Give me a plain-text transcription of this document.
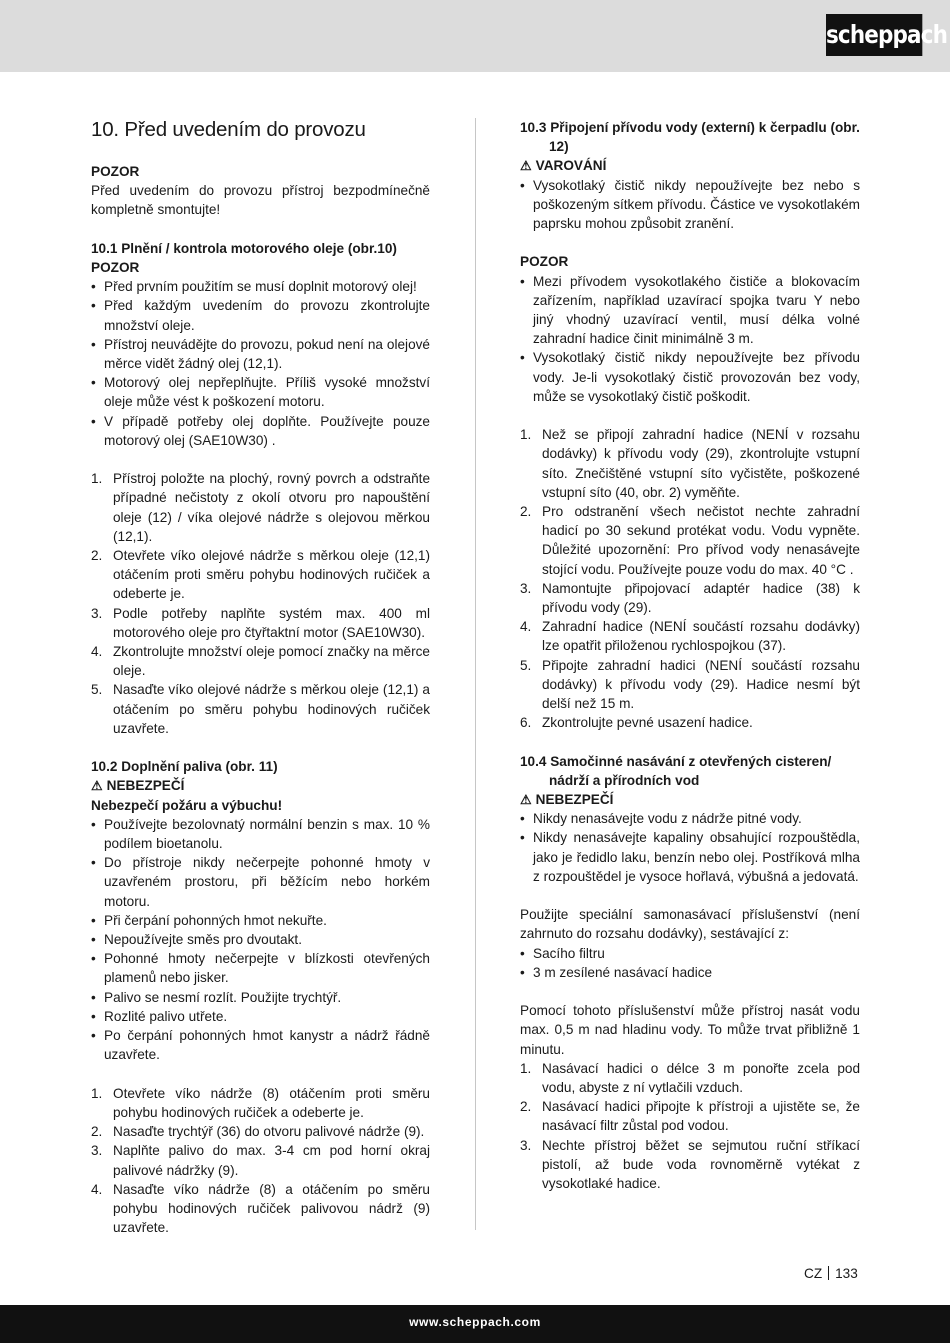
scheppach
10. Před uvedením do provozu
POZOR

Před uvedením do provozu přístroj bezpodmínečně kompletně smontujte!

10.1 Plnění / kontrola motorového oleje (obr.10)
POZOR
• Před prvním použitím se musí doplnit motorový olej!
• Před každým uvedením do provozu zkontrolujte množství oleje.
• Přístroj neuvádějte do provozu, pokud není na olejové měrce vidět žádný olej (12,1).
• Motorový olej nepřeplňujte. Příliš vysoké množství oleje může vést k poškození motoru.
• V případě potřeby olej doplňte. Používejte pouze motorový olej (SAE10W30) .
1. Přístroj položte na plochý, rovný povrch a odstraňte případné nečistoty z okolí otvoru pro napouštění oleje (12) / víka olejové nádrže s olejovou měrkou (12,1).
2. Otevřete víko olejové nádrže s měrkou oleje (12,1) otáčením proti směru pohybu hodinových ručiček a odeberte je.
3. Podle potřeby naplňte systém max. 400 ml motorového oleje pro čtyřtaktní motor (SAE10W30).
4. Zkontrolujte množství oleje pomocí značky na měrce oleje.
5. Nasaďte víko olejové nádrže s měrkou oleje (12,1) a otáčením po směru pohybu hodinových ručiček uzavřete.
10.2 Doplnění paliva (obr. 11)
⚠ NEBEZPEČÍ
Nebezpečí požáru a výbuchu!
• Používejte bezolovnatý normální benzin s max. 10 % podílem bioetanolu.
• Do přístroje nikdy nečerpejte pohonné hmoty v uzavřeném prostoru, při běžícím nebo horkém motoru.
• Při čerpání pohonných hmot nekuřte.
• Nepoužívejte směs pro dvoutakt.
• Pohonné hmoty nečerpejte v blízkosti otevřených plamenů nebo jisker.
• Palivo se nesmí rozlít. Použijte trychtýř.
• Rozlité palivo utřete.
• Po čerpání pohonných hmot kanystr a nádrž řádně uzavřete.
1. Otevřete víko nádrže (8) otáčením proti směru pohybu hodinových ručiček a odeberte je.
2. Nasaďte trychtýř (36) do otvoru palivové nádrže (9).
3. Naplňte palivo do max. 3-4 cm pod horní okraj palivové nádržky (9).
4. Nasaďte víko nádrže (8) a otáčením po směru pohybu hodinových ručiček palivovou nádrž (9) uzavřete.
10.3 Připojení přívodu vody (externí) k čerpadlu (obr. 12)
⚠ VAROVÁNÍ
• Vysokotlaký čistič nikdy nepoužívejte bez nebo s poškozeným sítkem přívodu. Částice ve vysokotlakém paprsku mohou způsobit zranění.
POZOR
• Mezi přívodem vysokotlakého čističe a blokovacím zařízením, například uzavírací spojka tvaru Y nebo jiný vhodný uzavírací ventil, musí délka volné zahradní hadice činit minimálně 3 m.
• Vysokotlaký čistič nikdy nepoužívejte bez přívodu vody. Je-li vysokotlaký čistič provozován bez vody, může se vysokotlaký čistič poškodit.
1. Než se připojí zahradní hadice (NENÍ v rozsahu dodávky) k přívodu vody (29), zkontrolujte vstupní síto. Znečištěné vstupní síto vyčistěte, poškozené vstupní síto (40, obr. 2) vyměňte.
2. Pro odstranění všech nečistot nechte zahradní hadicí po 30 sekund protékat vodu. Vodu vypněte. Důležité upozornění: Pro přívod vody nenasávejte stojící vodu. Používejte pouze vodu do max. 40 °C .
3. Namontujte připojovací adaptér hadice (38) k přívodu vody (29).
4. Zahradní hadice (NENÍ součástí rozsahu dodávky) lze opatřit přiloženou rychlospojkou (37).
5. Připojte zahradní hadici (NENÍ součástí rozsahu dodávky) k přívodu vody (29). Hadice nesmí být delší než 15 m.
6. Zkontrolujte pevné usazení hadice.
10.4 Samočinné nasávání z otevřených cisteren/ nádrží a přírodních vod
⚠ NEBEZPEČÍ
• Nikdy nenasávejte vodu z nádrže pitné vody.
• Nikdy nenasávejte kapaliny obsahující rozpouštědla, jako je ředidlo laku, benzín nebo olej. Postříková mlha z rozpouštědel je vysoce hořlavá, výbušná a jedovatá.

Použijte speciální samonasávací příslušenství (není zahrnuto do rozsahu dodávky), sestávající z:

• Sacího filtru
• 3 m zesílené nasávací hadice

Pomocí tohoto příslušenství může přístroj nasát vodu max. 0,5 m nad hladinu vody. To může trvat přibližně 1 minutu.

1. Nasávací hadici o délce 3 m ponořte zcela pod vodu, abyste z ní vytlačili vzduch.
2. Nasávací hadici připojte k přístroji a ujistěte se, že nasávací filtr zůstal pod vodou.
3. Nechte přístroj běžet se sejmutou ruční stříkací pistolí, až bude voda rovnoměrně vytékat z vysokotlaké hadice.
CZ 133
www.scheppach.com
